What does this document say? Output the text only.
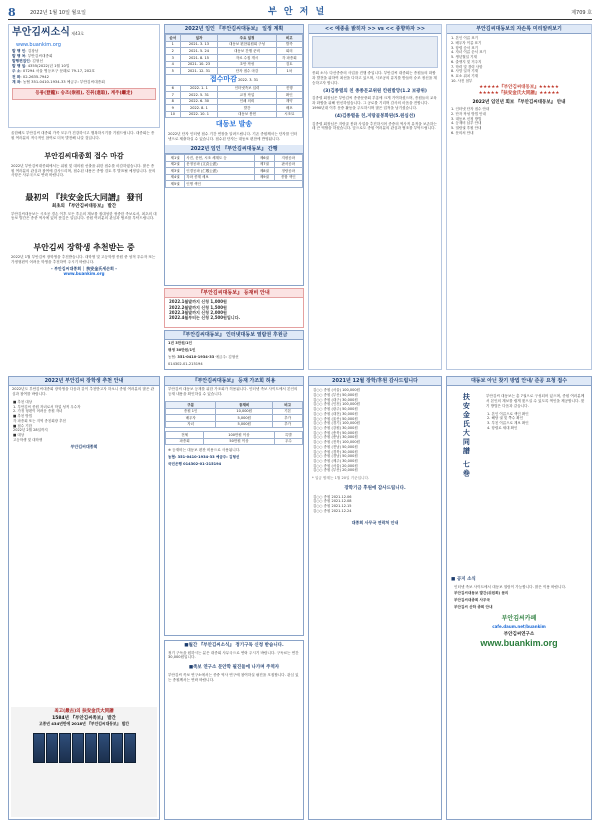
8	2022년 1월 10일 월요일	부 안 저 널	제709 호
부안김씨소식 제43호
www.buankim.org
발 행 인: 김창남
발 행 처: 부안김씨대종회
발행편집인: 김형선
발 행 일: 4355(2022)년 1월 10일
주 소: 07294 서울 영등포구 문래로 79-17, 202호
전 화: 02-2635-7942
계 좌: 농협 351-0410-1934-33 예금주: 부안김씨대종회
등룡(登龍): 숭조(崇祖), 진취(進取), 계주(繼走)
올한해도 부안김씨 대종회 가족 모두가 건강하시고 행복하시기를 기원드립니다. 대종회는 종원 여러분의 적극적인 참여로 더욱 발전해 나갈 것입니다.
부안김씨대종회 접수 마감
2022년 부안김씨대종회에서는 위원 및 대의원 선출을 위한 접수를 마감하였습니다. 많은 종원 여러분의 관심과 참여에 감사드리며, 접수된 내용은 종합 검토 후 발표될 예정입니다. 문의사항은 사무국으로 연락 바랍니다.
最初의 『扶安金氏大同譜』 發刊
최초의 『부안김씨대동보』 발간
부안김씨대동보는 시조공 경손 이후 모든 후손의 계보를 집대성한 귀중한 족보로서, 최초의 대동보 발간은 종중 역사에 있어 뜻깊은 일입니다. 종원 여러분의 관심과 협조를 부탁드립니다.
부안김씨 장학생 추천받는 중
2022년 1월 부안김씨 장학생을 추천받습니다. 대학생 및 고등학생 종원 중 성적 우수자 또는 가정형편이 어려운 학생을 추천하여 주시기 바랍니다.
- 부안김씨대종회 │ 扶安金氏세손회 -
www.buankim.org
2022년 임인 『부안김씨대동보』 일정 계획
순서	일자	주요 일정	비고
1	2021. 3. 13	대동보 편찬위원회 구성	발족
2	2021. 5. 24	대동보 간행 준비	회의
3	2021. 8. 15	자료 수집 개시	각 파종회
4	2021. 10. 23	초안 작성	검토
5	2021. 12. 31	단자 접수 마감	1차
접수마감 2022. 3. 31			
6	2022. 1. 1	인터넷족보 입력	진행
7	2022. 5. 31	교정 작업	확인
8	2022. 6. 30	인쇄 의뢰	계약
9	2022. 8. 1	발간	배포
10	2022. 10. 1	대동보 봉헌	시조묘
대동보 발송
2022년 단자 인터넷 접수 기간 연장을 알려드립니다. 기존 종원께서는 단자를 인터넷으로 제출하실 수 있습니다. 접수된 단자는 대동보 편찬에 반영됩니다.
2022년 임인 『부안김씨대동보』 간행
제1권	사진, 문헌, 시조 세계도 등	제6권	지평공파
제2권	문정공파 (文貞公派)	제7권	판서공파
제3권	인경공파 (仁敬公派)	제8권	정랑공파
제4권	각파 종계 세보	제9권	종합 색인
제5권	인명 색인		
『부안김씨대동보』 등재비 안내
2022.1월말까지 신청 1,000원
2022.2월말까지 신청 1,500원
2022.3월말까지 신청 2,000원
2022.4월부터는 신청 2,500원입니다.
『부안김씨대동보』 인터넷대동보 열람권 후원금
1년 3만원/1인
평생 30만원/1인
농협: 351-0410-1934-33 예금주: 김형선
014302-01-215194
<< 예종을 밝히자 >> vs << 종향하자 >>
종회 소식: 다산종중의 사업을 진행 중입니다. 부안김씨 대종회는 종원들의 화합과 발전을 위하여 최선을 다하고 있으며, 시조공의 유지를 받들어 숭조 정신을 계승하고자 합니다.
(3)김종렬의 친 종종문교위원 칸원발망(1.2 보광위)
김종렬 회장님은 부안김씨 종중문중회 부흥에 크게 기여하셨으며, 종원들의 교육과 화합을 위해 헌신하셨습니다. 그 공로를 기리며 감사의 마음을 전합니다. 1990년대 이후 문중 활동을 주도하시며 많은 업적을 남기셨습니다.
(4)김종렬을 친,지랑골봉화된(5.원심선)
김종렬 회장님은 지랑골 봉화 사업을 추진하시어 종중의 역사적 유적을 보존하는 데 큰 역할을 하셨습니다. 앞으로도 종원 여러분의 관심과 협조를 부탁드립니다.
부안김씨대동보의 자손록 미리알려보기
1. 본인 이름 표기
2. 배우자 이름 표기
3. 항렬 순서 표기
4. 자녀 이름 순서 표기
5. 생년월일 기재
6. 출생지 및 거주지
7. 학력 및 경력 사항
8. 사망 일자 기재
9. 묘소 위치 기재
10. 사진 첨부
★★★★★『부안김씨대동보』★★★★★
★★★★★『扶安金氏大同譜』★★★★★
2022년 임인년 회보 『부안김씨대동보』 안내
1. 인터넷 단자 접수 안내
2. 단자 작성 방법 안내
3. 대동보 신청 방법
4. 등재비 납부 안내
5. 열람권 후원 안내
6. 문의처 안내
2022년 부안김씨 장학생 추천 안내
2022년도 부안김씨대종회 장학생을 다음과 같이 추천받고자 하오니 종원 여러분의 많은 관심과 참여를 바랍니다.
■ 추천 대상
1. 부안김씨 종원 자녀로서 학업 성적 우수자
2. 가정 형편이 어려운 종원 자녀
■ 추천 방법
각 파종회 또는 지역 종친회장 추천
■ 접수 기한
2022년 2월 28일까지
■ 대상
고등학생 및 대학생
부안김씨대종회
최고(最古)의 扶安金氏大同譜
1584년 『부안김씨족보』 발간
고종년 434년만에 2018년 『부안김씨대동보』 발간
『부안김씨대동보』 등재 가조회 허용
부안김씨 대동보 등재를 위한 가조회가 허용됩니다. 인터넷 족보 사이트에서 본인의 등재 내용을 확인하실 수 있습니다.
구분	등재비	비고
종원 1인	10,000원	기본
배우자	5,000원	추가
자녀	5,000원	추가
전체	100만원 이상	특별
파종회	50만원 이상	우수
※ 등재비는 대동보 편찬 비용으로 사용됩니다.
농협: 351-0410-1934-33 예금주: 김형선
국민은행 014302-01-215194
■월간 『부안김씨소식』 정기구독 신청 받습니다.
정기 구독을 원하시는 분은 대종회 사무국으로 연락 주시기 바랍니다. 구독료는 연간 30,000원입니다.
■족보 연구소 문안학 필진들에 나가며 주역자
부안김씨 족보 연구소에서는 종중 역사 연구에 참여하실 필진을 모집합니다. 관심 있는 종원께서는 연락 바랍니다.
2021년 12월 장학/후원 감사드립니다
김○○ 종원 (서울) 100,000원
김○○ 종원 (부산) 50,000원
김○○ 종원 (대구) 30,000원
김○○ 종원 (인천) 100,000원
김○○ 종원 (광주) 50,000원
김○○ 종원 (대전) 30,000원
김○○ 종원 (울산) 50,000원
김○○ 종원 (경기) 100,000원
김○○ 종원 (강원) 30,000원
김○○ 종원 (충북) 50,000원
김○○ 종원 (충남) 30,000원
김○○ 종원 (전북) 100,000원
김○○ 종원 (전남) 50,000원
김○○ 종원 (경북) 30,000원
김○○ 종원 (경남) 50,000원
김○○ 종원 (제주) 30,000원
김○○ 종원 (서울) 20,000원
김○○ 종원 (부산) 20,000원
* 입금 합계는 1월 20일 기준입니다.
장학기금 후원에 감사드립니다.
김○○ 종원 2021.12.06
김○○ 종원 2021.12.08
김○○ 종원 2021.12.15
김○○ 종원 2021.12.24
대종회 사무국 연락처 안내
대동보 아닌 찾기 방법 안내/ 준공 요청 접수
扶安金氏大同譜 七卷	부안김씨 대동보는 총 7권으로 구성되어 있으며, 종원 여러분께서 본인의 계보를 쉽게 찾으실 수 있도록 색인을 제공합니다. 찾기 방법은 다음과 같습니다.
1. 본인 이름으로 색인 확인
2. 해당 권 및 쪽수 확인
3. 부친 이름으로 계보 확인
4. 항렬로 세대 확인
■ 공지 소식
인터넷 족보 사이트에서 대동보 열람이 가능합니다. 많은 이용 바랍니다.
부안김씨대동보 발간(위원회) 문의
부안김씨대종회 사무국
부안김씨 산하 종회 안내
부안김씨카페
cafe.daum.net/buankim
부안김씨연구소
www.buankim.org
